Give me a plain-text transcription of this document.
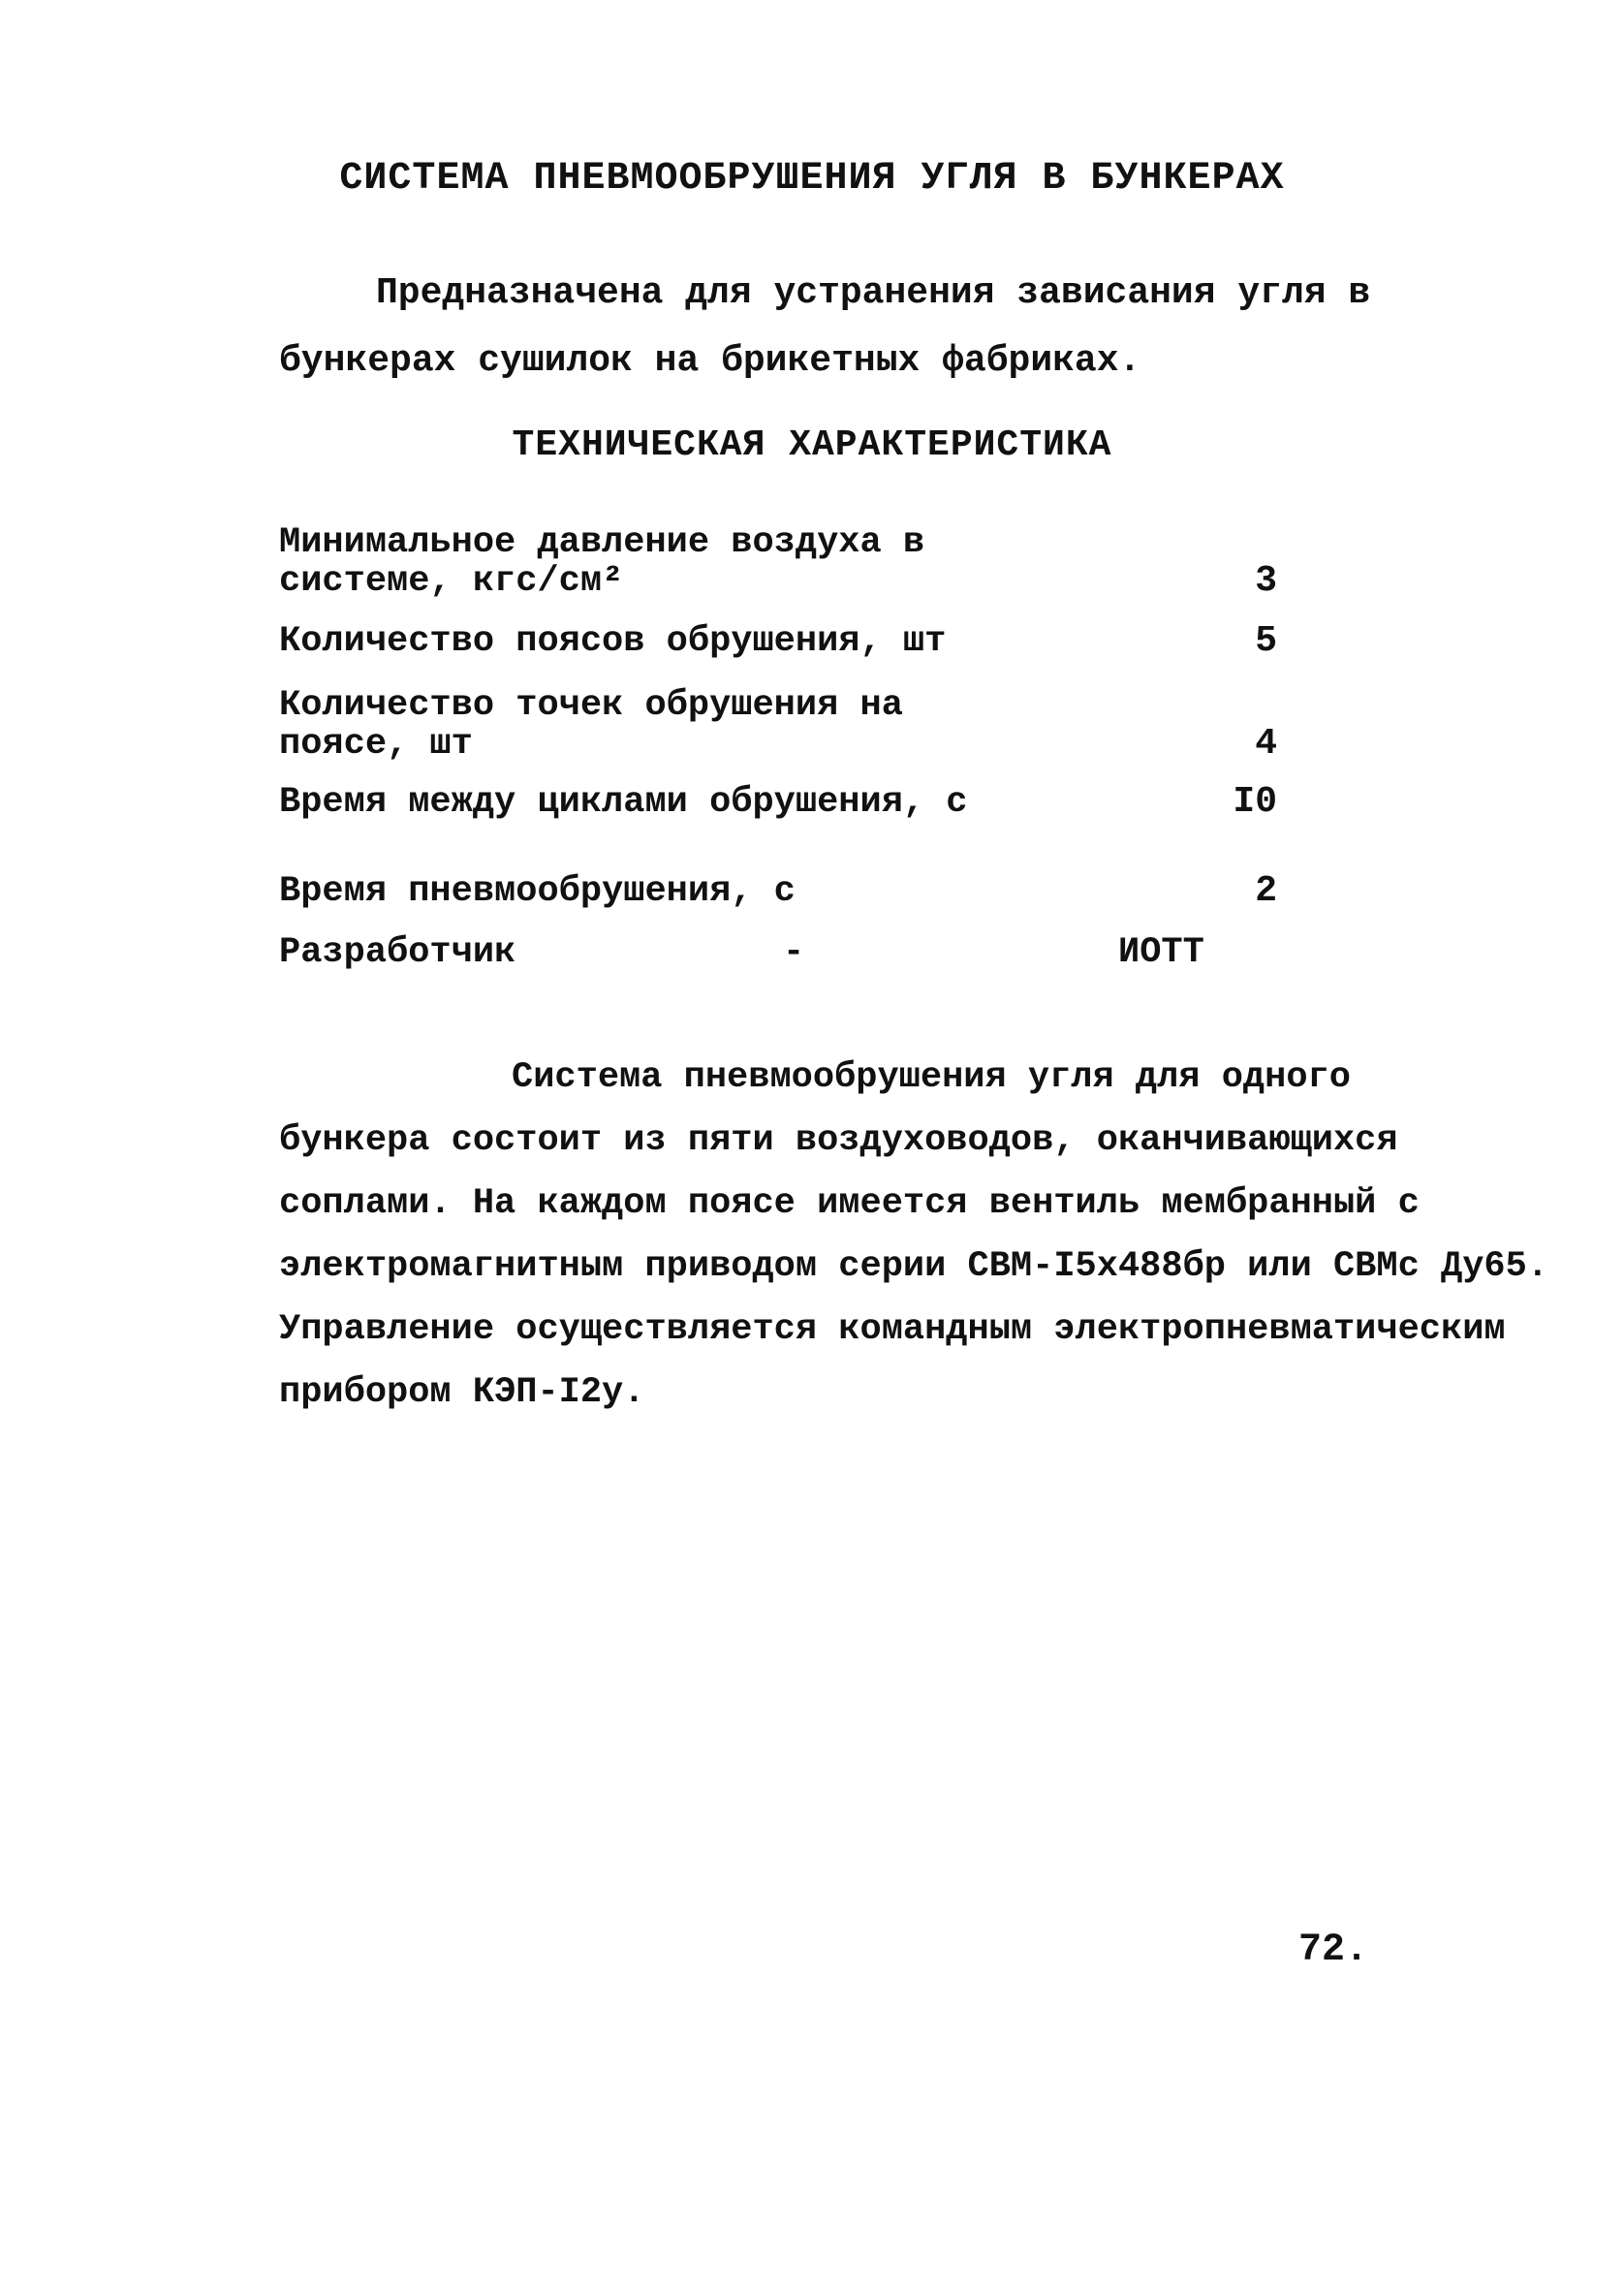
СИСТЕМА ПНЕВМООБРУШЕНИЯ УГЛЯ В БУНКЕРАХ

Предназначена для устранения зависания угля в бункерах сушилок на брикетных фабриках.

ТЕХНИЧЕСКАЯ ХАРАКТЕРИСТИКА
Минимальное давление воздуха в системе, кгс/см²	3
Количество поясов обрушения, шт	5
Количество точек обрушения на поясе, шт	4
Время между циклами обрушения, с	I0
Время пневмообрушения, с	2
Разработчик	-	ИОТТ

Система пневмообрушения угля для одного
бункера состоит из пяти воздуховодов, оканчивающихся
соплами. На каждом поясе имеется вентиль мембранный с
электромагнитным приводом серии СВМ-I5х488бр или СВМс Ду65.
Управление осуществляется командным электропневматическим
прибором КЭП-I2у.

72.
